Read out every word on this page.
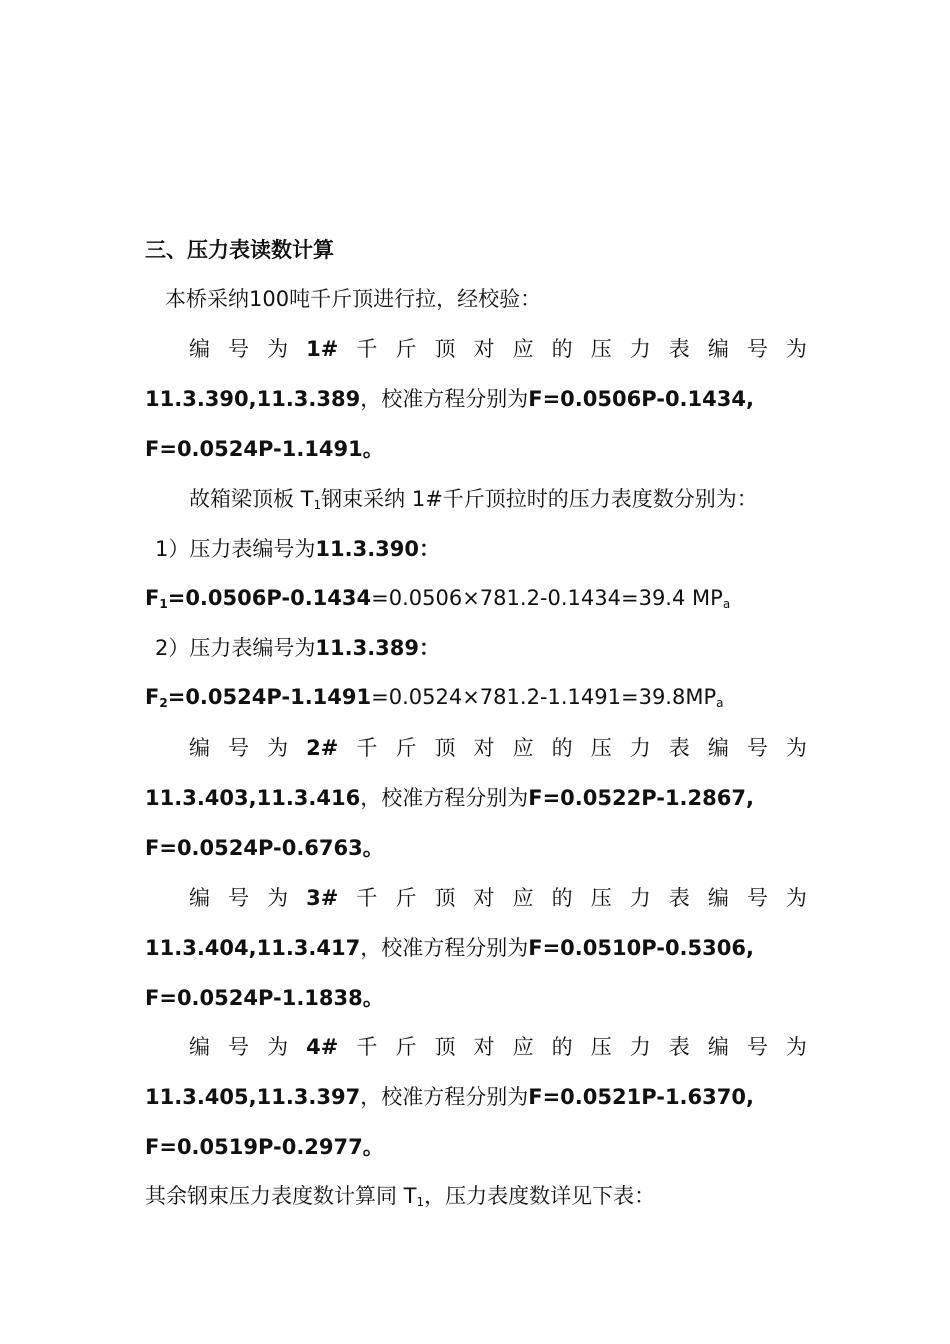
三、压力表读数计算
本桥采纳100吨千斤顶进行拉，经校验：
编 号 为 1# 千 斤 顶 对 应 的 压 力 表 编 号 为
11.3.390,11.3.389，校准方程分别为F=0.0506P-0.1434,
F=0.0524P-1.1491。
故箱梁顶板 $T_1$钢束采纳 1#千斤顶拉时的压力表度数分别为：
1）压力表编号为11.3.390：
$F_1=0.0506P-0.1434=0.0506\times 781.2-0.1434=39.4$ $MP_a$
2）压力表编号为11.3.389：
$F_2=0.0524P-1.1491=0.0524\times 781.2-1.1491=39.8MP_a$
编 号 为 2# 千 斤 顶 对 应 的 压 力 表 编 号 为
11.3.403,11.3.416，校准方程分别为F=0.0522P-1.2867,
F=0.0524P-0.6763。
编 号 为 3# 千 斤 顶 对 应 的 压 力 表 编 号 为
11.3.404,11.3.417，校准方程分别为F=0.0510P-0.5306,
F=0.0524P-1.1838。
编 号 为 4# 千 斤 顶 对 应 的 压 力 表 编 号 为
11.3.405,11.3.397，校准方程分别为F=0.0521P-1.6370,
F=0.0519P-0.2977。
其余钢束压力表度数计算同 $T_1$，压力表度数详见下表：
